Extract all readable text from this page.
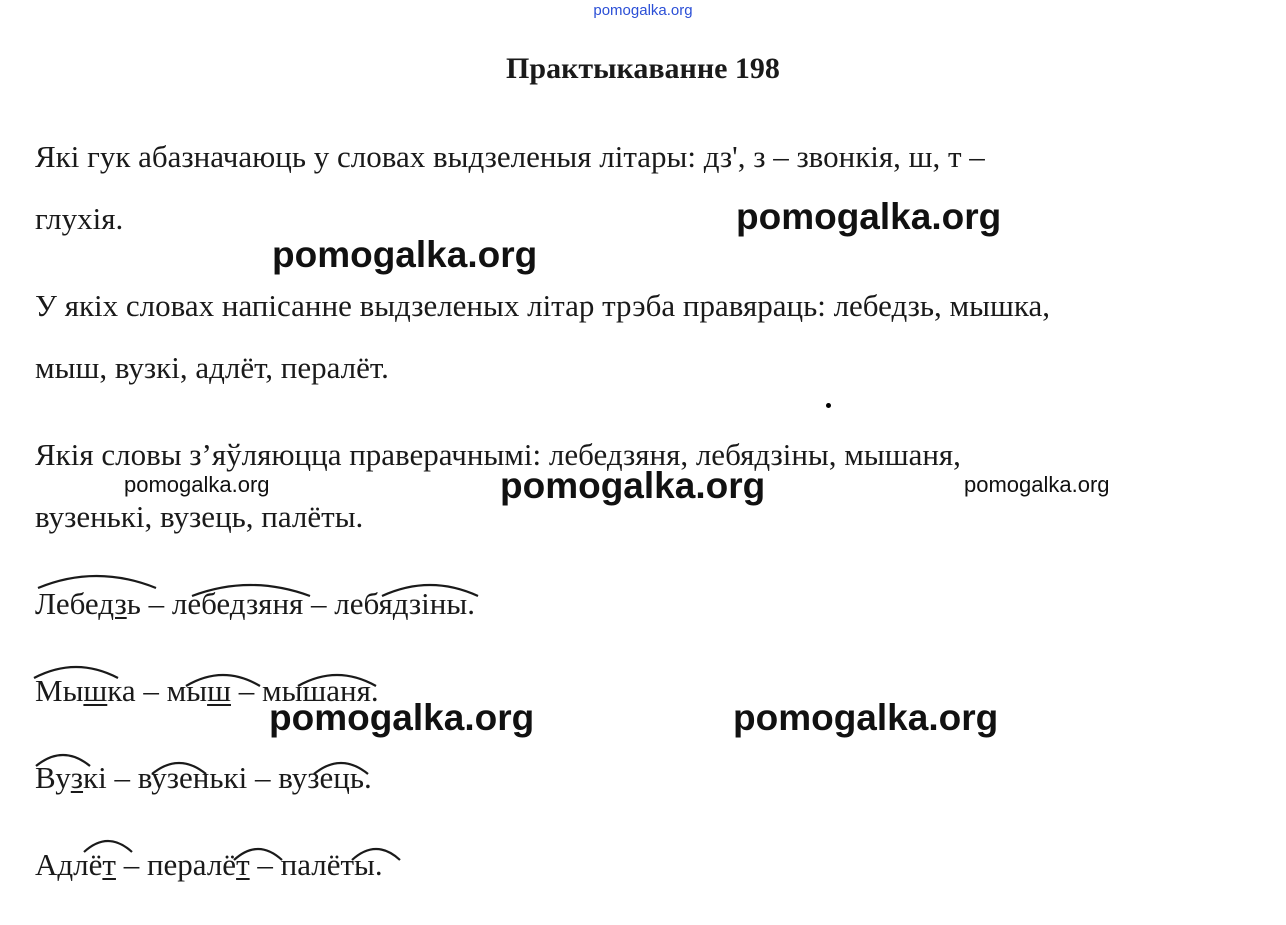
pomogalka.org
Практыкаванне 198

Які гук абазначаюць у словах выдзеленыя літары: дз', з – звонкія, ш, т –

глухія.

У якіх словах напісанне выдзеленых літар трэба правяраць: лебедзь, мышка,

мыш, вузкі, адлёт, пералёт.

Якія словы з’яўляюцца праверачнымі: лебедзяня, лебядзіны, мышаня,

вузенькі, вузець, палёты.

Лебедзь – лебедзяня – лебядзіны.

Мышка – мыш – мышаня.

Вузкі – вузенькі – вузець.

Адлёт – пералёт – палёты.

pomogalka.org
pomogalka.org
pomogalka.org	pomogalka.org	pomogalka.org
pomogalka.org	pomogalka.org
